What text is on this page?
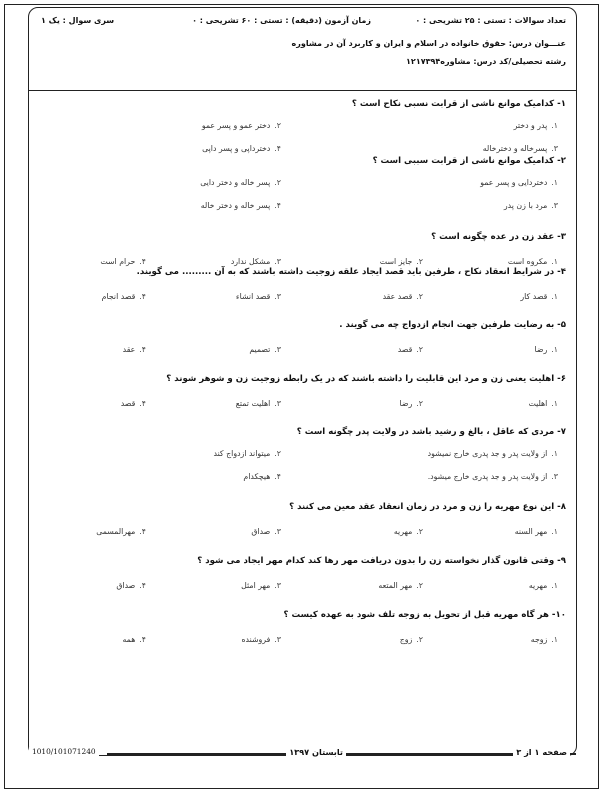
تعداد سوالات : تستی : ۲۵ تشریحی : ۰
زمان آزمون (دقیقه) : تستی : ۶۰ تشریحی : ۰
سری سوال : یک ۱
عنـــوان درس: حقوق خانواده در اسلام و ایران و کاربرد آن در مشاوره
رشته تحصیلی/کد درس: مشاوره۱۲۱۷۳۹۴
۱- کدامیک موانع ناشی از قرابت نسبی نکاح است ؟
۱.پدر و دختر
۲.دختر عمو و پسر عمو
۳.پسرخاله و دخترخاله
۴.دخترداپی و پسر داپی
۲- کدامیک موانع ناشی از قرابت سببی است ؟
۱.دختردایی و پسر عمو
۲.پسر خاله و دختر دایی
۳.مرد با زن پدر
۴.پسر خاله و دختر خاله
۳- عقد زن در عده چگونه است ؟
۱.مکروه است
۲.جایز است
۳.مشکل ندارد
۴.حرام است
۴- در شرایط انعقاد نکاح ، طرفین باید قصد ایجاد علقه زوجیت داشته باشند که به آن ......... می گویند.
۱.قصد کار
۲.قصد عقد
۳.قصد انشاء
۴.قصد انجام
۵- به رضایت طرفین جهت انجام ازدواج چه می گویند .
۱.رضا
۲.قصد
۳.تصمیم
۴.عقد
۶- اهلیت یعنی زن و مرد این قابلیت را داشته باشند که در یک رابطه زوجیت زن و شوهر شوند ؟
۱.اهلیت
۲.رضا
۳.اهلیت تمتع
۴.قصد
۷- مردی که عاقل ، بالغ و رشید باشد در ولایت پدر چگونه است ؟
۱.از ولایت پدر و جد پدری خارج نمیشود
۲.میتواند ازدواج کند
۳.از ولایت پدر و جد پدری خارج میشود.
۴.هیچکدام
۸- این نوع مهریه را زن و مرد در زمان انعقاد عقد معین می کنند ؟
۱.مهر السنه
۲.مهریه
۳.صداق
۴.مهرالمسمی
۹- وقتی قانون گذار نخواسته زن را بدون دریافت مهر رها کند کدام مهر ایجاد می شود ؟
۱.مهریه
۲.مهر المتعه
۳.مهر امثل
۴.صداق
۱۰- هر گاه مهریه قبل از تحویل به زوجه تلف شود به عهده کیست ؟
۱.زوجه
۲.زوج
۳.فروشنده
۴.همه
صفحه ۱ از ۳
تابستان ۱۳۹۷
1010/101071240
